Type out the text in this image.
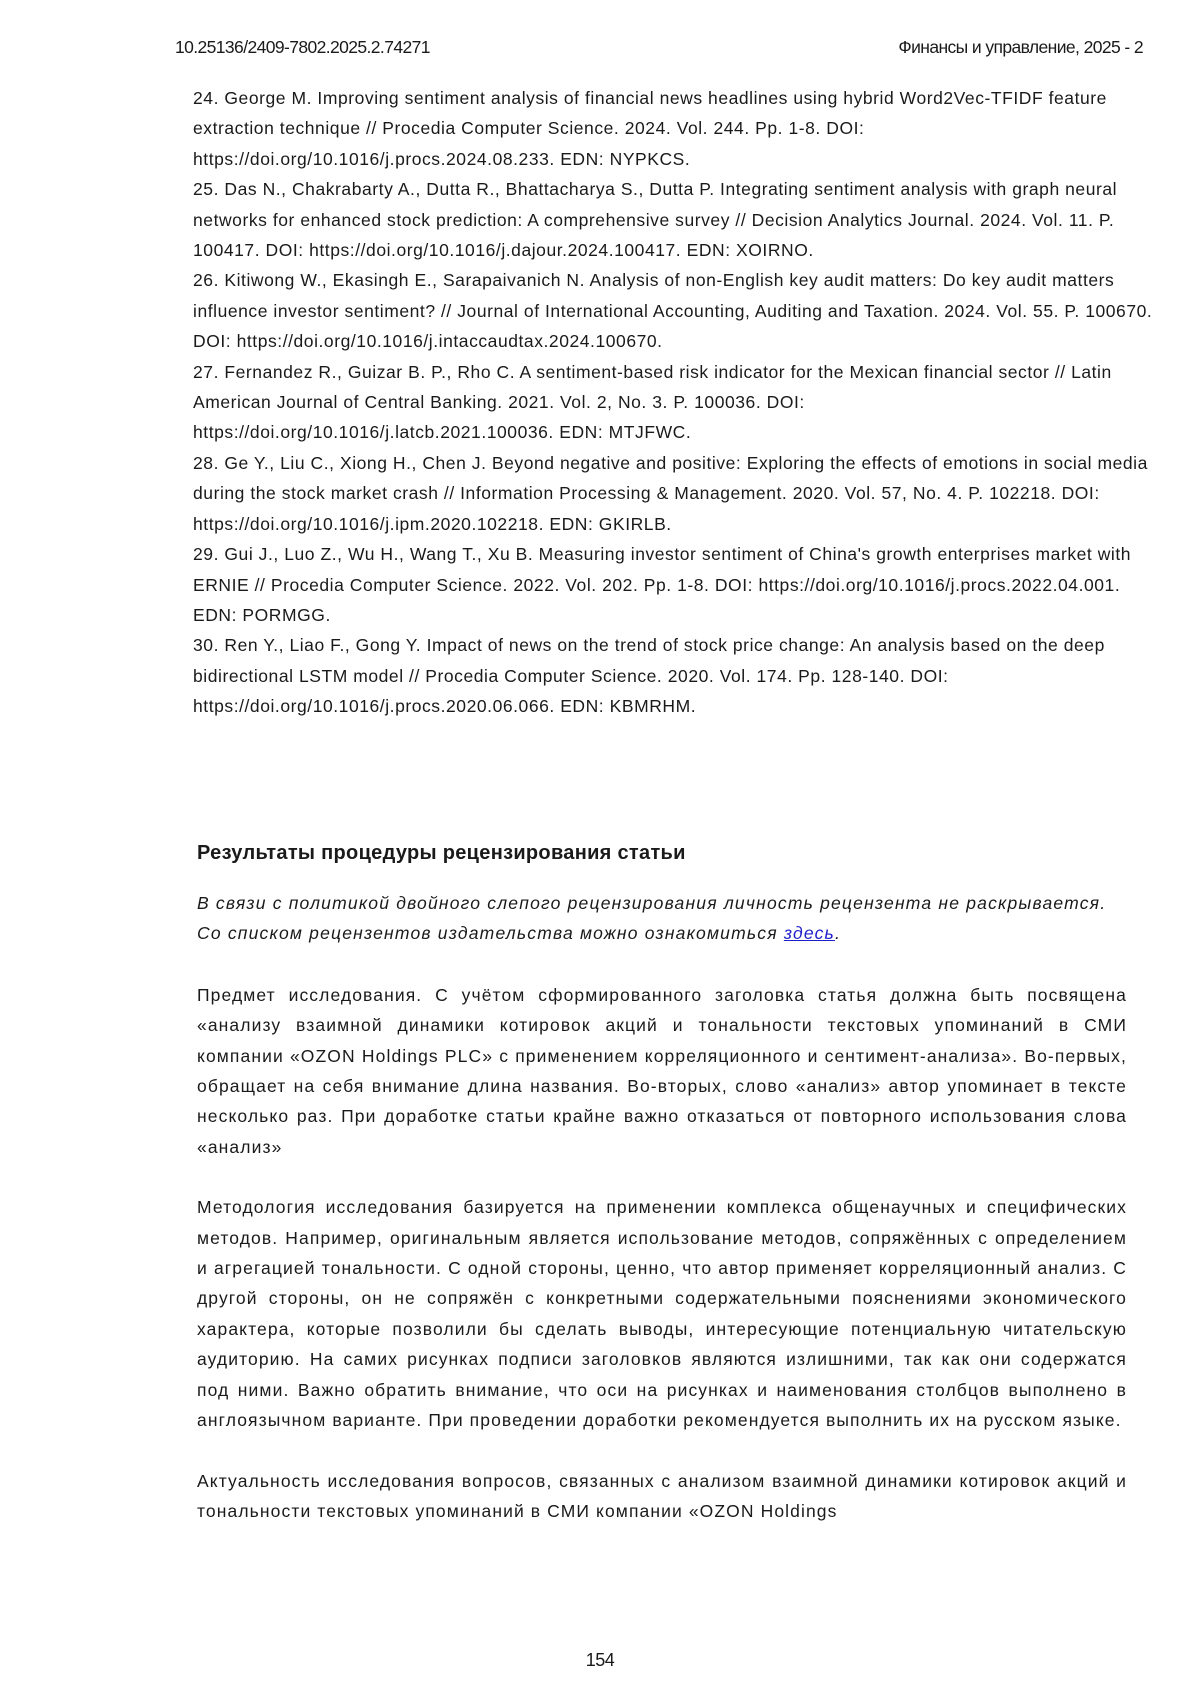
10.25136/2409-7802.2025.2.74271	Финансы и управление, 2025 - 2

24. George M. Improving sentiment analysis of financial news headlines using hybrid Word2Vec-TFIDF feature extraction technique // Procedia Computer Science. 2024. Vol. 244. Pp. 1-8. DOI: https://doi.org/10.1016/j.procs.2024.08.233. EDN: NYPKCS.

25. Das N., Chakrabarty A., Dutta R., Bhattacharya S., Dutta P. Integrating sentiment analysis with graph neural networks for enhanced stock prediction: A comprehensive survey // Decision Analytics Journal. 2024. Vol. 11. P. 100417. DOI: https://doi.org/10.1016/j.dajour.2024.100417. EDN: XOIRNO.

26. Kitiwong W., Ekasingh E., Sarapaivanich N. Analysis of non-English key audit matters: Do key audit matters influence investor sentiment? // Journal of International Accounting, Auditing and Taxation. 2024. Vol. 55. P. 100670. DOI: https://doi.org/10.1016/j.intaccaudtax.2024.100670.

27. Fernandez R., Guizar B. P., Rho C. A sentiment-based risk indicator for the Mexican financial sector // Latin American Journal of Central Banking. 2021. Vol. 2, No. 3. P. 100036. DOI: https://doi.org/10.1016/j.latcb.2021.100036. EDN: MTJFWC.

28. Ge Y., Liu C., Xiong H., Chen J. Beyond negative and positive: Exploring the effects of emotions in social media during the stock market crash // Information Processing & Management. 2020. Vol. 57, No. 4. P. 102218. DOI: https://doi.org/10.1016/j.ipm.2020.102218. EDN: GKIRLB.

29. Gui J., Luo Z., Wu H., Wang T., Xu B. Measuring investor sentiment of China's growth enterprises market with ERNIE // Procedia Computer Science. 2022. Vol. 202. Pp. 1-8. DOI: https://doi.org/10.1016/j.procs.2022.04.001. EDN: PORMGG.

30. Ren Y., Liao F., Gong Y. Impact of news on the trend of stock price change: An analysis based on the deep bidirectional LSTM model // Procedia Computer Science. 2020. Vol. 174. Pp. 128-140. DOI: https://doi.org/10.1016/j.procs.2020.06.066. EDN: KBMRHM.

Результаты процедуры рецензирования статьи

В связи с политикой двойного слепого рецензирования личность рецензента не раскрывается.

Со списком рецензентов издательства можно ознакомиться здесь.

Предмет исследования. С учётом сформированного заголовка статья должна быть посвящена «анализу взаимной динамики котировок акций и тональности текстовых упоминаний в СМИ компании «OZON Holdings PLC» с применением корреляционного и сентимент-анализа». Во-первых, обращает на себя внимание длина названия. Во-вторых, слово «анализ» автор упоминает в тексте несколько раз. При доработке статьи крайне важно отказаться от повторного использования слова «анализ»

Методология исследования базируется на применении комплекса общенаучных и специфических методов. Например, оригинальным является использование методов, сопряжённых с определением и агрегацией тональности. С одной стороны, ценно, что автор применяет корреляционный анализ. С другой стороны, он не сопряжён с конкретными содержательными пояснениями экономического характера, которые позволили бы сделать выводы, интересующие потенциальную читательскую аудиторию. На самих рисунках подписи заголовков являются излишними, так как они содержатся под ними. Важно обратить внимание, что оси на рисунках и наименования столбцов выполнено в англоязычном варианте. При проведении доработки рекомендуется выполнить их на русском языке.

Актуальность исследования вопросов, связанных с анализом взаимной динамики котировок акций и тональности текстовых упоминаний в СМИ компании «OZON Holdings

154
